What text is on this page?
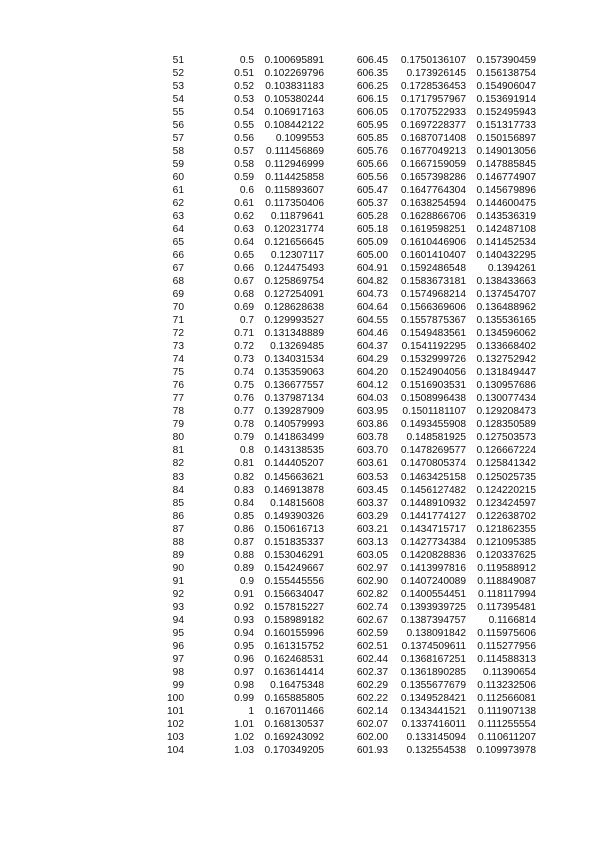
51	0.5	0.100695891	606.45	0.1750136107	0.157390459
52	0.51	0.102269796	606.35	0.173926145	0.156138754
53	0.52	0.103831183	606.25	0.1728536453	0.154906047
54	0.53	0.105380244	606.15	0.1717957967	0.153691914
55	0.54	0.106917163	606.05	0.1707522933	0.152495943
56	0.55	0.108442122	605.95	0.1697228377	0.151317733
57	0.56	0.1099553	605.85	0.1687071408	0.150156897
58	0.57	0.111456869	605.76	0.1677049213	0.149013056
59	0.58	0.112946999	605.66	0.1667159059	0.147885845
60	0.59	0.114425858	605.56	0.1657398286	0.146774907
61	0.6	0.115893607	605.47	0.1647764304	0.145679896
62	0.61	0.117350406	605.37	0.1638254594	0.144600475
63	0.62	0.11879641	605.28	0.1628866706	0.143536319
64	0.63	0.120231774	605.18	0.1619598251	0.142487108
65	0.64	0.121656645	605.09	0.1610446906	0.141452534
66	0.65	0.12307117	605.00	0.1601410407	0.140432295
67	0.66	0.124475493	604.91	0.1592486548	0.1394261
68	0.67	0.125869754	604.82	0.1583673181	0.138433663
69	0.68	0.127254091	604.73	0.1574968214	0.137454707
70	0.69	0.128628638	604.64	0.1566369606	0.136488962
71	0.7	0.129993527	604.55	0.1557875367	0.135536165
72	0.71	0.131348889	604.46	0.1549483561	0.134596062
73	0.72	0.13269485	604.37	0.1541192295	0.133668402
74	0.73	0.134031534	604.29	0.1532999726	0.132752942
75	0.74	0.135359063	604.20	0.1524904056	0.131849447
76	0.75	0.136677557	604.12	0.1516903531	0.130957686
77	0.76	0.137987134	604.03	0.1508996438	0.130077434
78	0.77	0.139287909	603.95	0.1501181107	0.129208473
79	0.78	0.140579993	603.86	0.1493455908	0.128350589
80	0.79	0.141863499	603.78	0.148581925	0.127503573
81	0.8	0.143138535	603.70	0.1478269577	0.126667224
82	0.81	0.144405207	603.61	0.1470805374	0.125841342
83	0.82	0.145663621	603.53	0.1463425158	0.125025735
84	0.83	0.146913878	603.45	0.1456127482	0.124220215
85	0.84	0.14815608	603.37	0.1448910932	0.123424597
86	0.85	0.149390326	603.29	0.1441774127	0.122638702
87	0.86	0.150616713	603.21	0.1434715717	0.121862355
88	0.87	0.151835337	603.13	0.1427734384	0.121095385
89	0.88	0.153046291	603.05	0.1420828836	0.120337625
90	0.89	0.154249667	602.97	0.1413997816	0.119588912
91	0.9	0.155445556	602.90	0.1407240089	0.118849087
92	0.91	0.156634047	602.82	0.1400554451	0.118117994
93	0.92	0.157815227	602.74	0.1393939725	0.117395481
94	0.93	0.158989182	602.67	0.1387394757	0.1166814
95	0.94	0.160155996	602.59	0.138091842	0.115975606
96	0.95	0.161315752	602.51	0.1374509611	0.115277956
97	0.96	0.162468531	602.44	0.1368167251	0.114588313
98	0.97	0.163614414	602.37	0.1361890285	0.11390654
99	0.98	0.16475348	602.29	0.1355677679	0.113232506
100	0.99	0.165885805	602.22	0.1349528421	0.112566081
101	1	0.167011466	602.14	0.1343441521	0.111907138
102	1.01	0.168130537	602.07	0.1337416011	0.111255554
103	1.02	0.169243092	602.00	0.133145094	0.110611207
104	1.03	0.170349205	601.93	0.132554538	0.109973978
